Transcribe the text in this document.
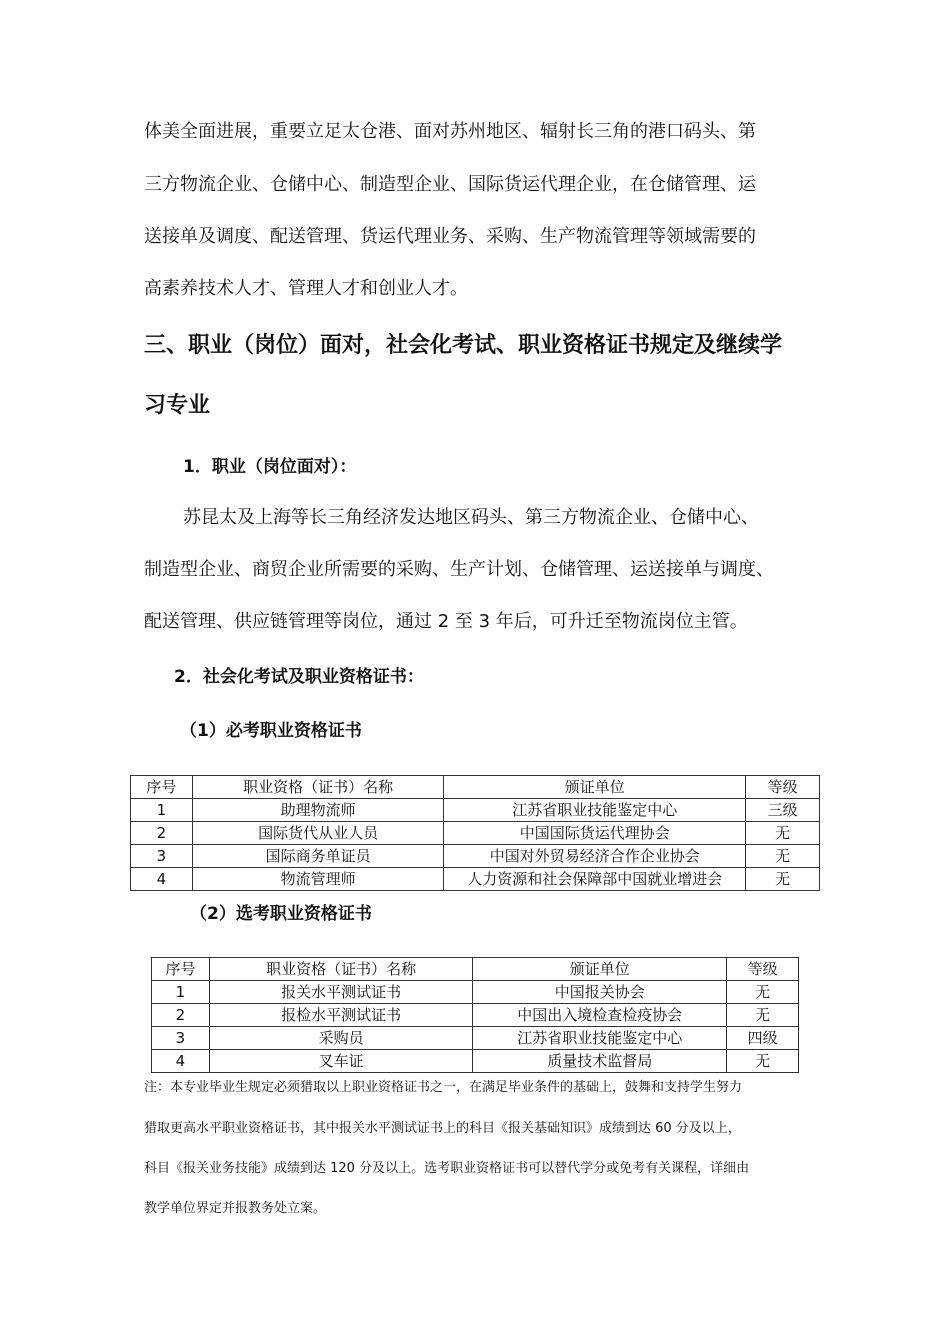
体美全面进展，重要立足太仓港、面对苏州地区、辐射长三角的港口码头、第

三方物流企业、仓储中心、制造型企业、国际货运代理企业，在仓储管理、运

送接单及调度、配送管理、货运代理业务、采购、生产物流管理等领域需要的

高素养技术人才、管理人才和创业人才。

三、职业（岗位）面对，社会化考试、职业资格证书规定及继续学
习专业
1．职业（岗位面对）：

苏昆太及上海等长三角经济发达地区码头、第三方物流企业、仓储中心、

制造型企业、商贸企业所需要的采购、生产计划、仓储管理、运送接单与调度、

配送管理、供应链管理等岗位，通过 2 至 3 年后，可升迁至物流岗位主管。

2．社会化考试及职业资格证书：
（1）必考职业资格证书
序号	职业资格（证书）名称	颁证单位	等级
1	助理物流师	江苏省职业技能鉴定中心	三级
2	国际货代从业人员	中国国际货运代理协会	无
3	国际商务单证员	中国对外贸易经济合作企业协会	无
4	物流管理师	人力资源和社会保障部中国就业增进会	无
（2）选考职业资格证书
序号	职业资格（证书）名称	颁证单位	等级
1	报关水平测试证书	中国报关协会	无
2	报检水平测试证书	中国出入境检查检疫协会	无
3	采购员	江苏省职业技能鉴定中心	四级
4	叉车证	质量技术监督局	无

注：本专业毕业生规定必须猎取以上职业资格证书之一，在满足毕业条件的基础上，鼓舞和支持学生努力

猎取更高水平职业资格证书，其中报关水平测试证书上的科目《报关基础知识》成绩到达 60 分及以上，

科目《报关业务技能》成绩到达 120 分及以上。选考职业资格证书可以替代学分或免考有关课程，详细由

教学单位界定并报教务处立案。
